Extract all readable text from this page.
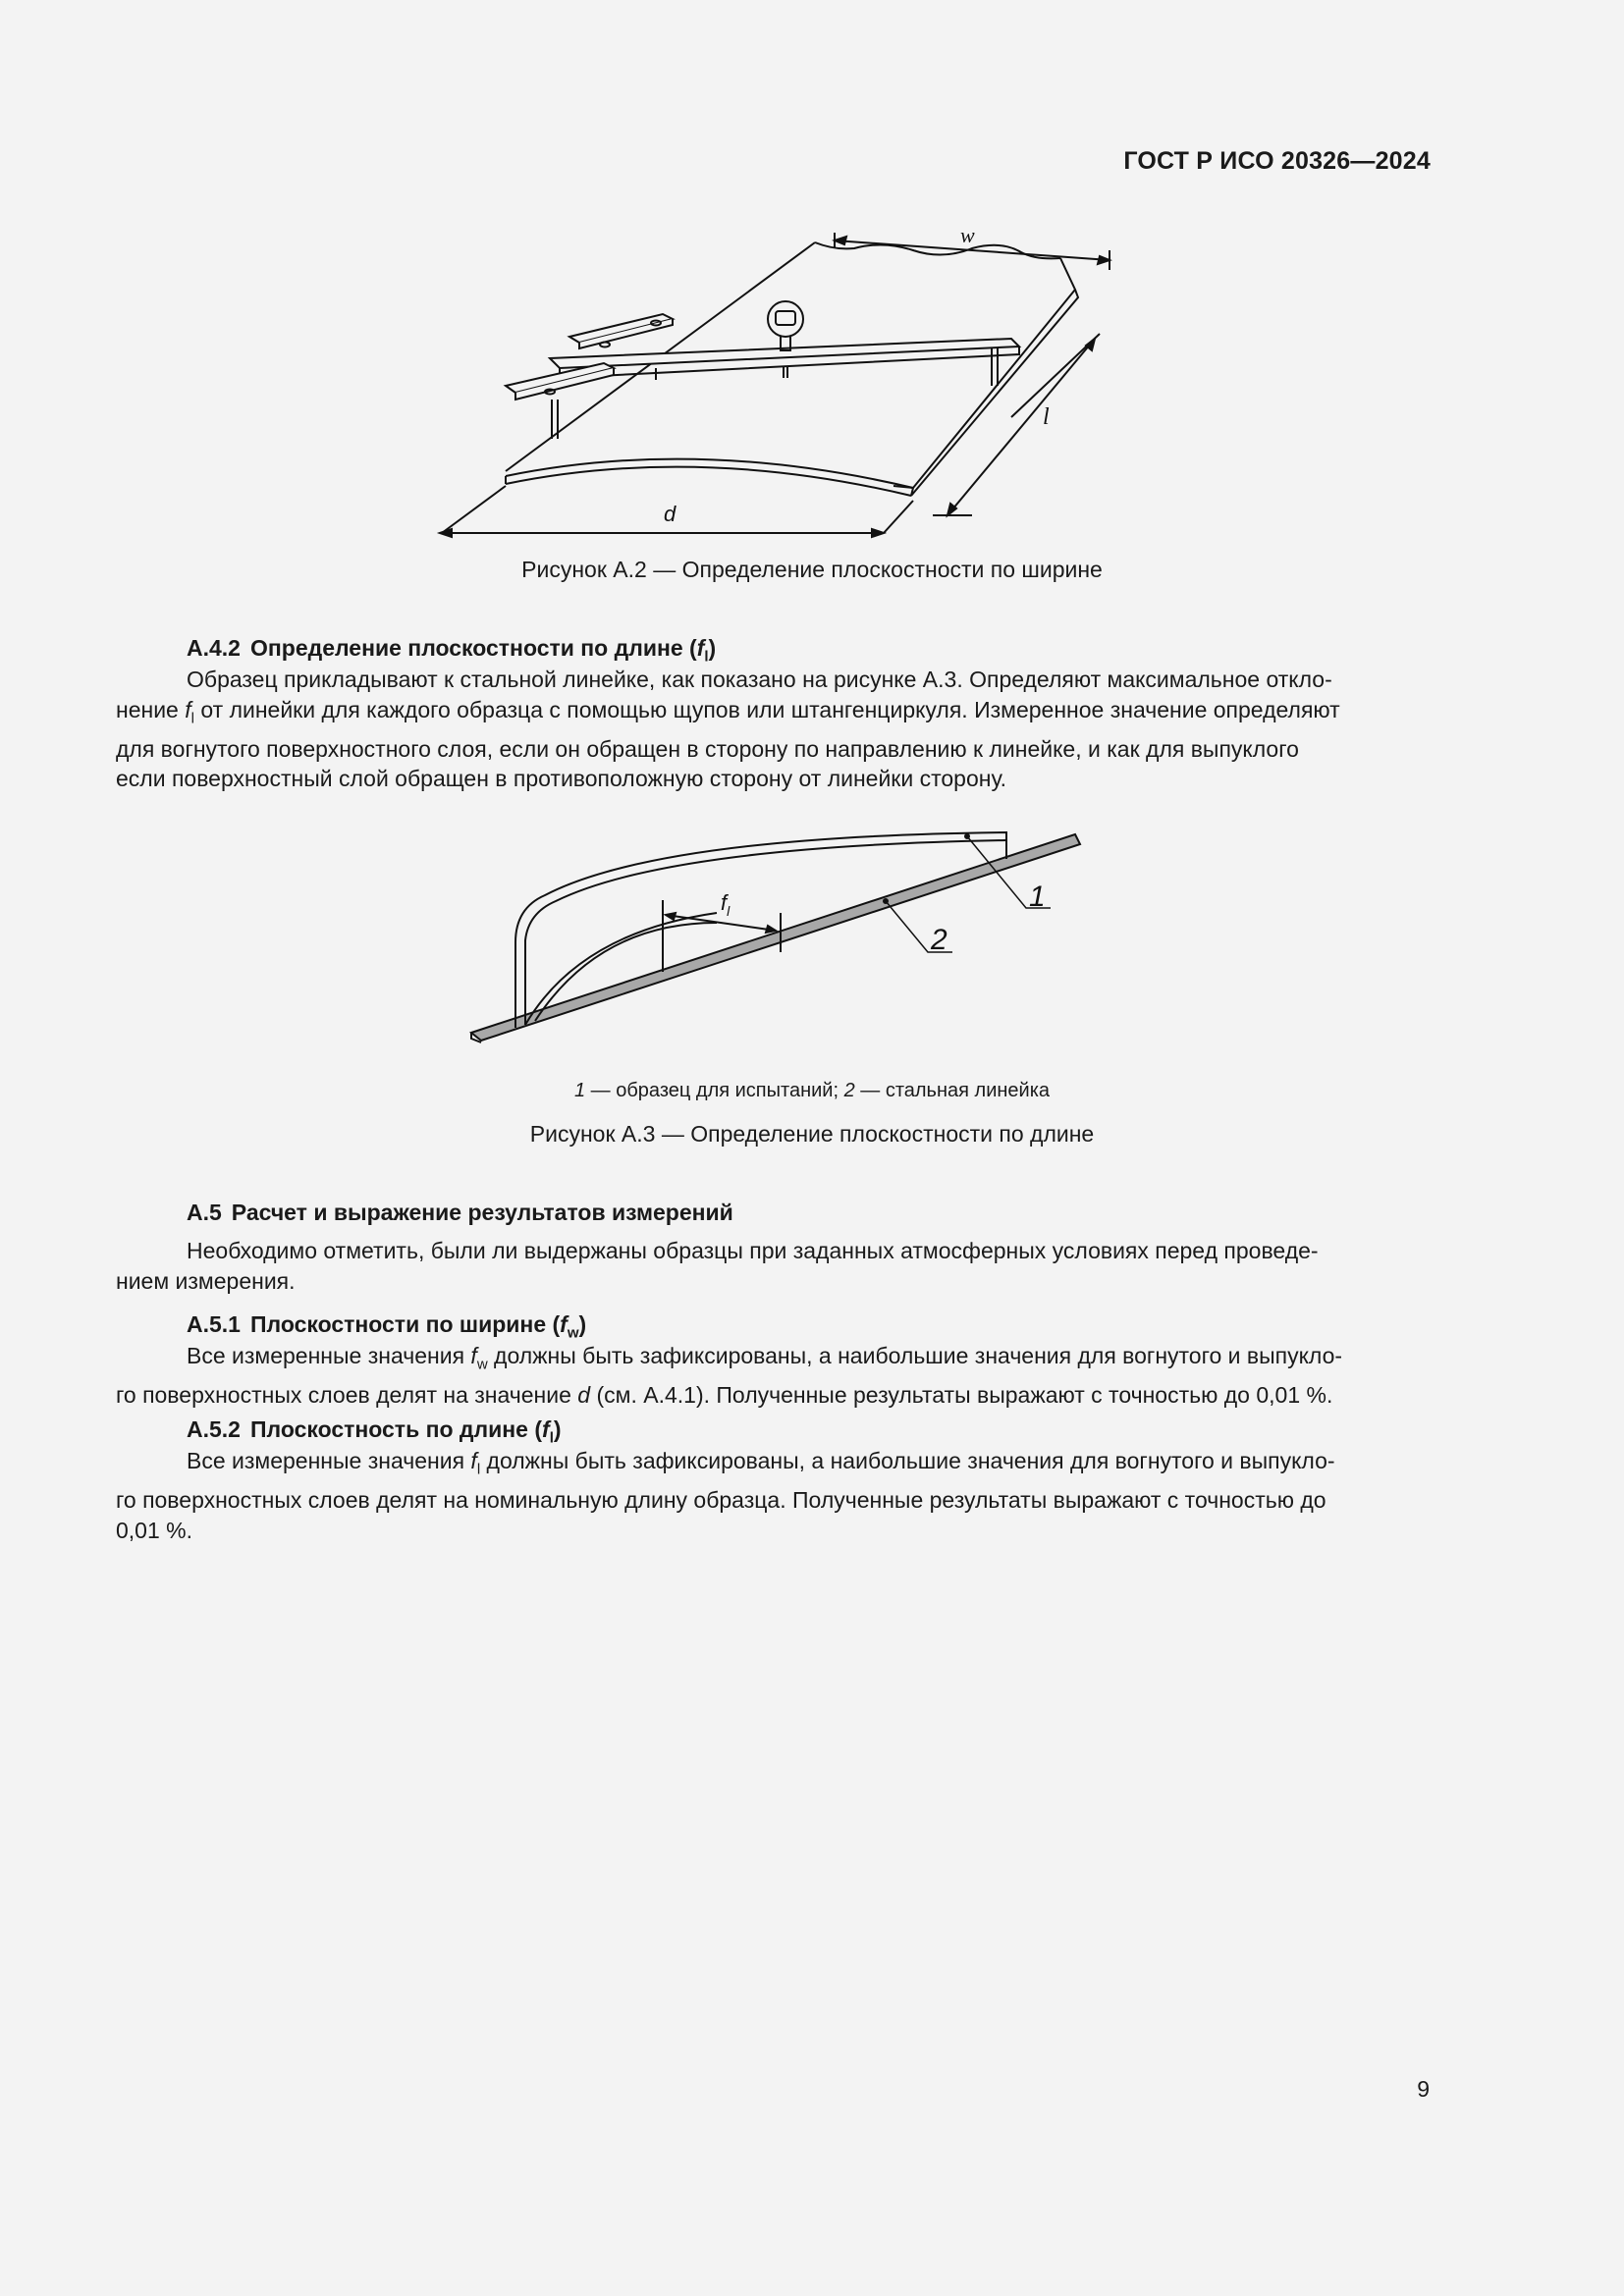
ГОСТ Р ИСО 20326—2024
w
l
d
Рисунок А.2 — Определение плоскостности по ширине
А.4.2 Определение плоскостности по длине $(f_l)$
Образец прикладывают к стальной линейке, как показано на рисунке А.3. Определяют максимальное откло-
нение $f_l$ от линейки для каждого образца с помощью щупов или штангенциркуля. Измеренное значение определяют
для вогнутого поверхностного слоя, если он обращен в сторону по направлению к линейке, и как для выпуклого
если поверхностный слой обращен в противоположную сторону от линейки сторону.
$f_l$	1
2
1 — образец для испытаний; 2 — стальная линейка
Рисунок А.3 — Определение плоскостности по длине
А.5 Расчет и выражение результатов измерений
Необходимо отметить, были ли выдержаны образцы при заданных атмосферных условиях перед проведе-
нием измерения.
А.5.1 Плоскостности по ширине $(f_w)$
Все измеренные значения $f_w$ должны быть зафиксированы, а наибольшие значения для вогнутого и выпукло-
го поверхностных слоев делят на значение d (см. А.4.1). Полученные результаты выражают с точностью до 0,01 %.
А.5.2 Плоскостность по длине $(f_l)$
Все измеренные значения $f_l$ должны быть зафиксированы, а наибольшие значения для вогнутого и выпукло-
го поверхностных слоев делят на номинальную длину образца. Полученные результаты выражают с точностью до
0,01 %.
9
